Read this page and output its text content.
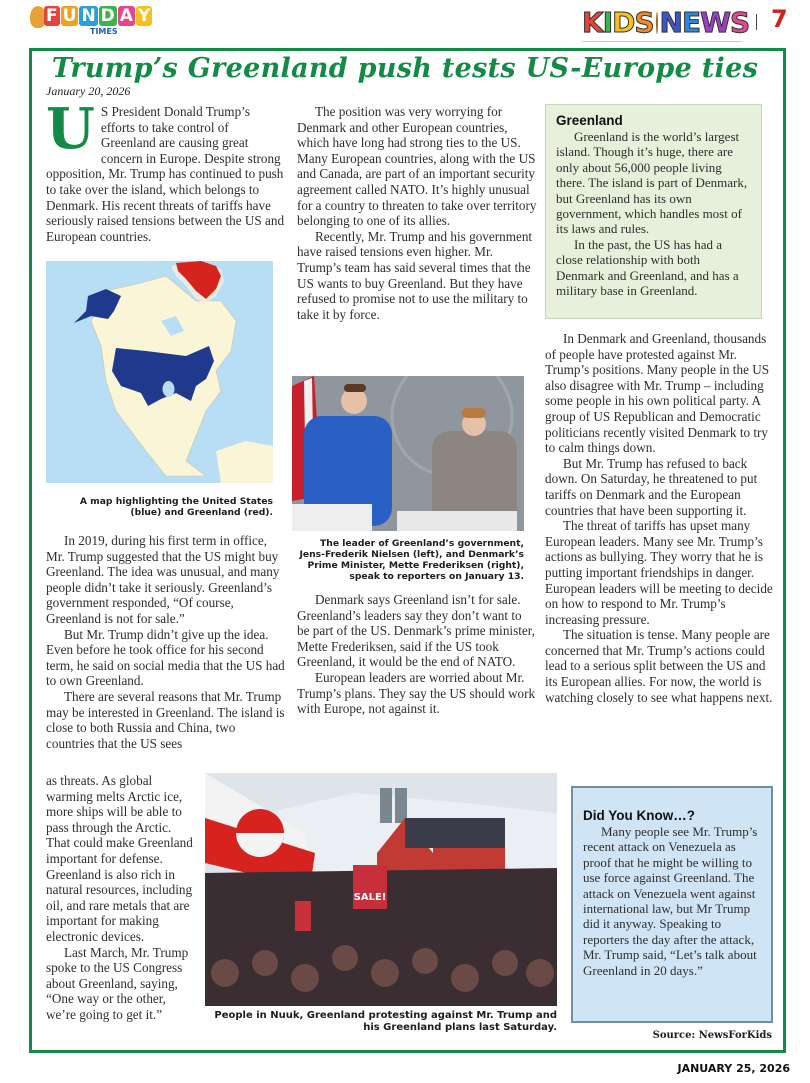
F U N D A Y
TIMES	K I D S N E W S 7
Trump’s Greenland push tests US-Europe ties
January 20, 2026

U S President Donald Trump’s efforts to take control of Greenland are causing great concern in Europe. Despite strong opposition, Mr. Trump has continued to push to take over the island, which belongs to Denmark. His recent threats of tariffs have seriously raised tensions between the US and European countries.

A map highlighting the United States (blue) and Greenland (red).

In 2019, during his first term in office, Mr. Trump suggested that the US might buy Greenland. The idea was unusual, and many people didn’t take it seriously. Greenland’s government responded, “Of course, Greenland is not for sale.”

But Mr. Trump didn’t give up the idea. Even before he took office for his second term, he said on social media that the US had to own Greenland.

There are several reasons that Mr. Trump may be interested in Greenland. The island is close to both Russia and China, two countries that the US sees

as threats. As global warming melts Arctic ice, more ships will be able to pass through the Arctic. That could make Greenland important for defense. Greenland is also rich in natural resources, including oil, and rare metals that are important for making electronic devices.

Last March, Mr. Trump spoke to the US Congress about Greenland, saying, “One way or the other, we’re going to get it.”

The position was very worrying for Denmark and other European countries, which have long had strong ties to the US. Many European countries, along with the US and Canada, are part of an important security agreement called NATO. It’s highly unusual for a country to threaten to take over territory belonging to one of its allies.

Recently, Mr. Trump and his government have raised tensions even higher. Mr. Trump’s team has said several times that the US wants to buy Greenland. But they have refused to promise not to use the military to take it by force.

The leader of Greenland’s government, Jens-Frederik Nielsen (left), and Denmark’s Prime Minister, Mette Frederiksen (right), speak to reporters on January 13.

Denmark says Greenland isn’t for sale. Greenland’s leaders say they don’t want to be part of the US. Denmark’s prime minister, Mette Frederiksen, said if the US took Greenland, it would be the end of NATO.

European leaders are worried about Mr. Trump’s plans. They say the US should work with Europe, not against it.

Greenland

Greenland is the world’s largest island. Though it’s huge, there are only about 56,000 people living there. The island is part of Denmark, but Greenland has its own government, which handles most of its laws and rules.

In the past, the US has had a close relationship with both Denmark and Greenland, and has a military base in Greenland.

In Denmark and Greenland, thousands of people have protested against Mr. Trump’s positions. Many people in the US also disagree with Mr. Trump – including some people in his own political party. A group of US Republican and Democratic politicians recently visited Denmark to try to calm things down.

But Mr. Trump has refused to back down. On Saturday, he threatened to put tariffs on Denmark and the European countries that have been supporting it.

The threat of tariffs has upset many European leaders. Many see Mr. Trump’s actions as bullying. They worry that he is putting important friendships in danger. European leaders will be meeting to decide on how to respond to Mr. Trump’s increasing pressure.

The situation is tense. Many people are concerned that Mr. Trump’s actions could lead to a serious split between the US and its European allies. For now, the world is watching closely to see what happens next.

SALE!
People in Nuuk, Greenland protesting against Mr. Trump and his Greenland plans last Saturday.
Did You Know…?

Many people see Mr. Trump’s recent attack on Venezuela as proof that he might be willing to use force against Greenland. The attack on Venezuela went against international law, but Mr Trump did it anyway. Speaking to reporters the day after the attack, Mr. Trump said, “Let’s talk about Greenland in 20 days.”

Source: NewsForKids
JANUARY 25, 2026
